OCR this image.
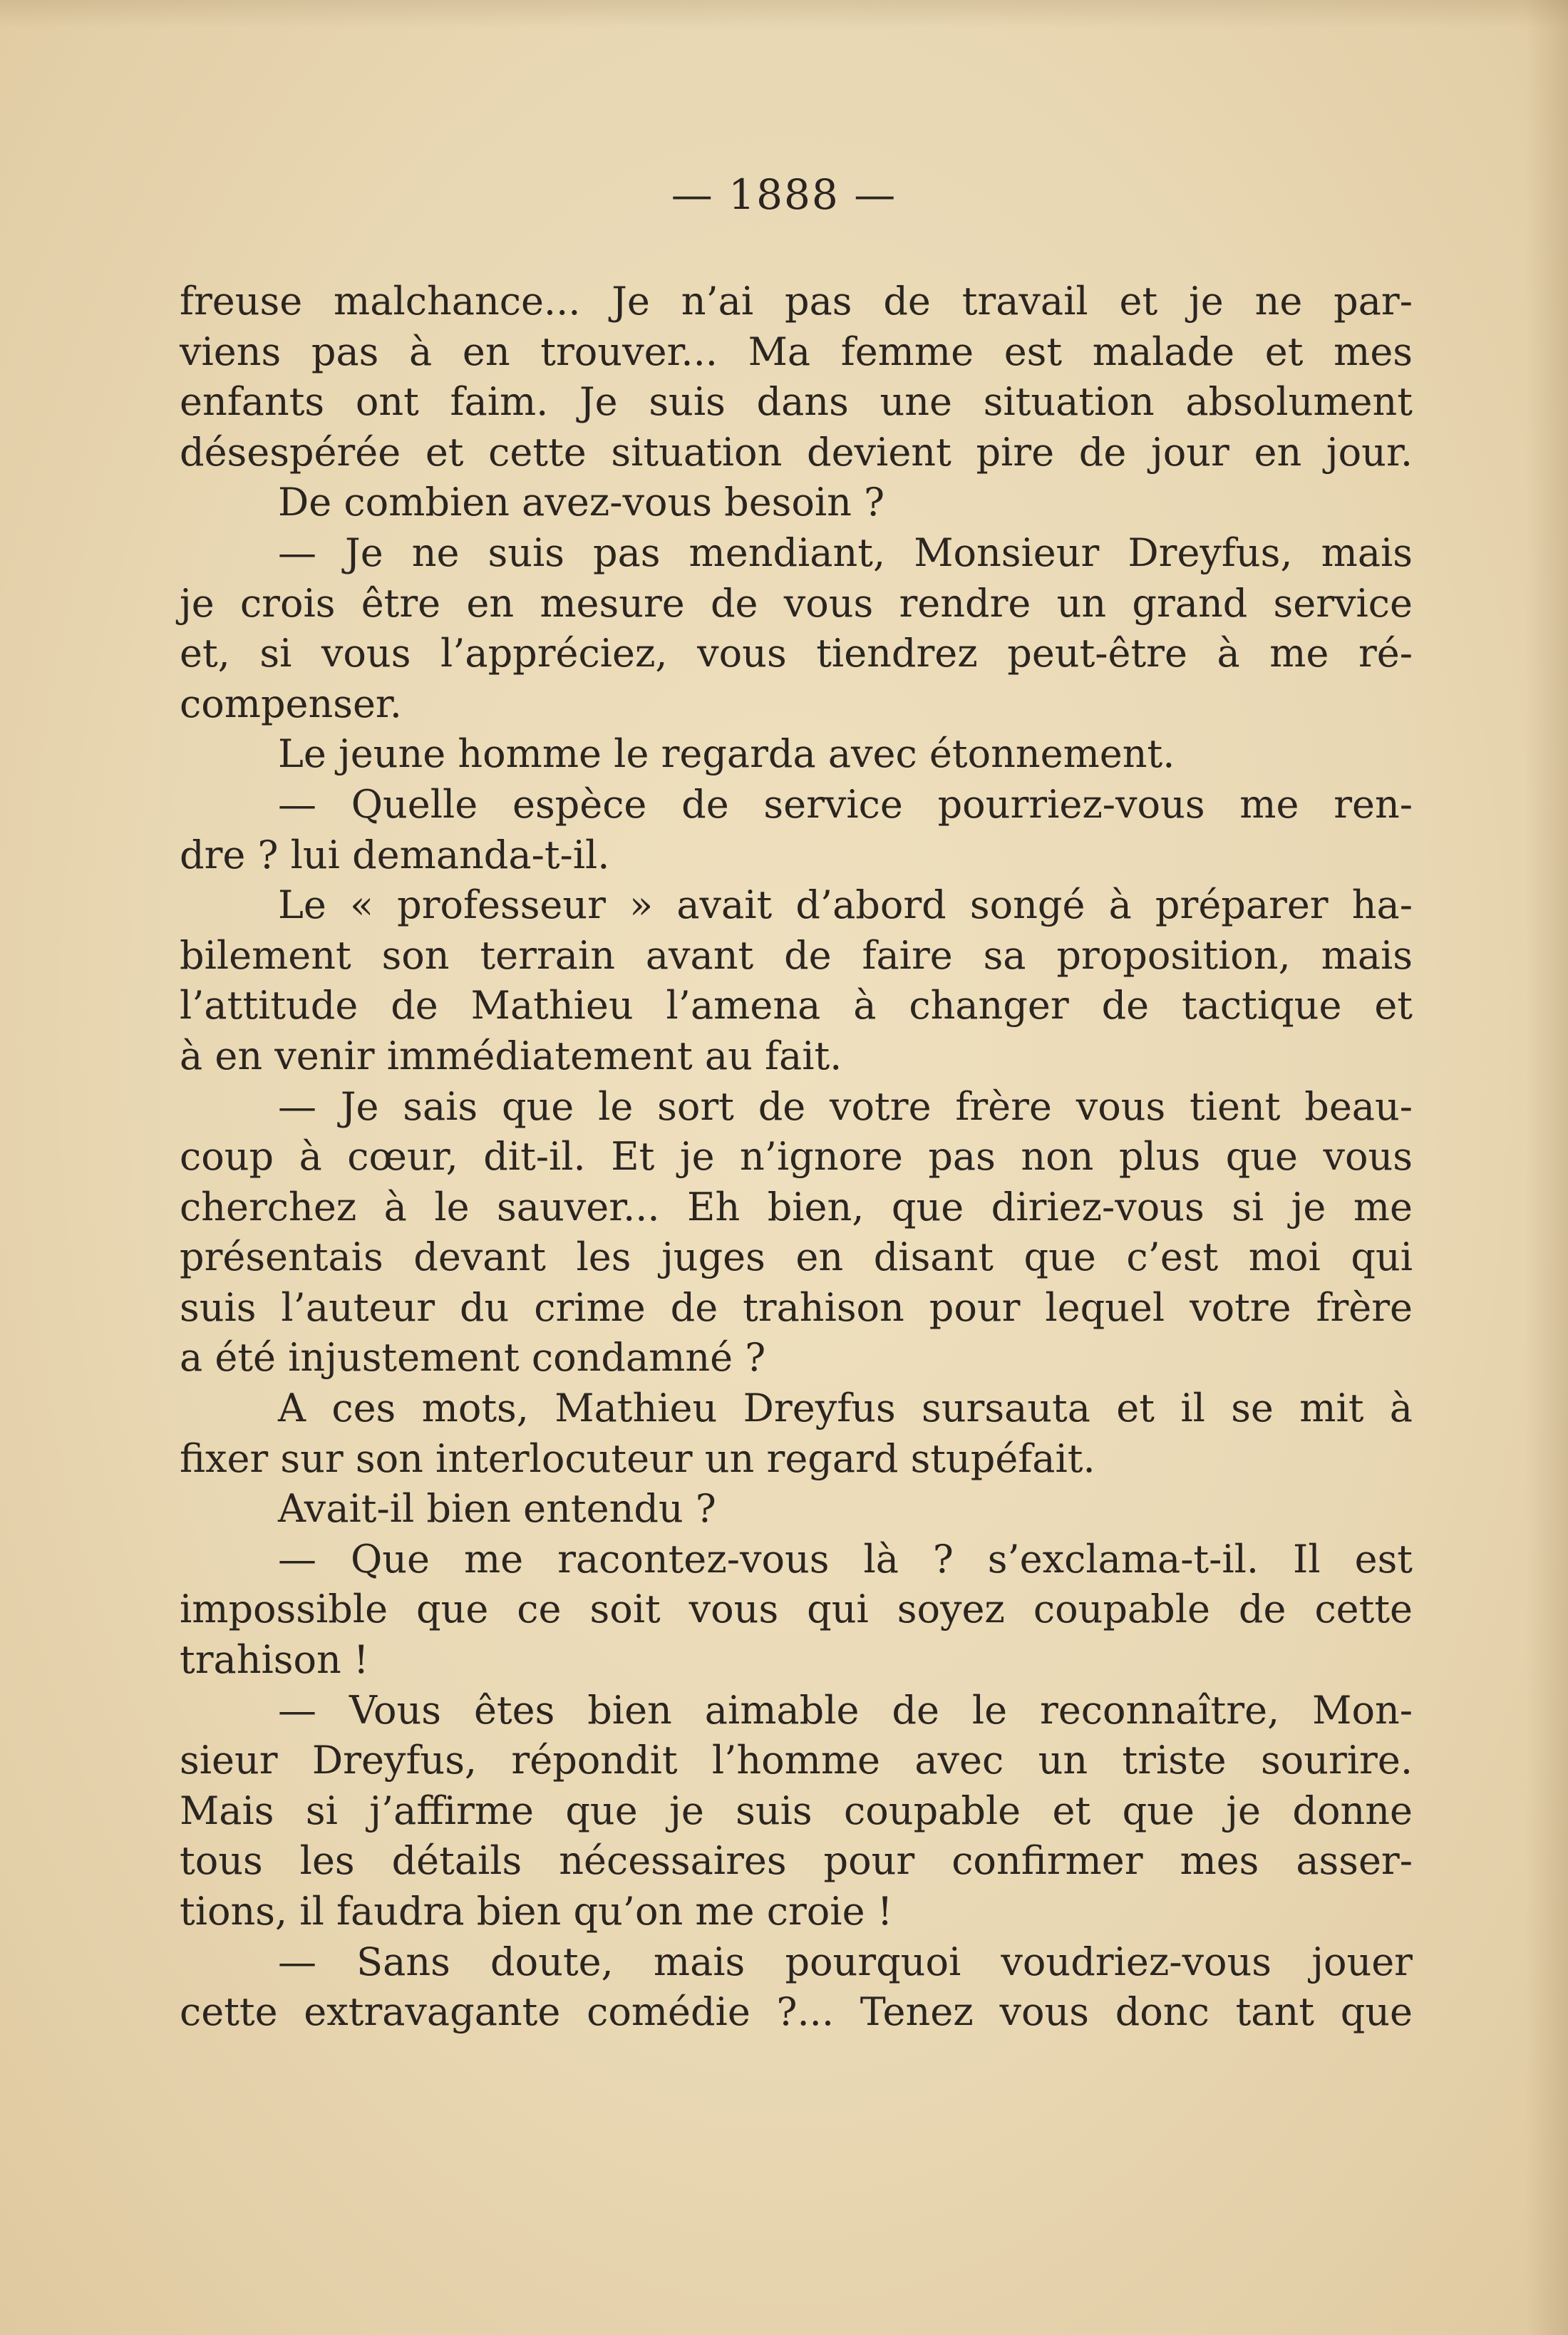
— 1888 —
freuse malchance... Je n’ai pas de travail et je ne par-
viens pas à en trouver... Ma femme est malade et mes
enfants ont faim. Je suis dans une situation absolument
désespérée et cette situation devient pire de jour en jour.
De combien avez-vous besoin ?
— Je ne suis pas mendiant, Monsieur Dreyfus, mais
je crois être en mesure de vous rendre un grand service
et, si vous l’appréciez, vous tiendrez peut-être à me ré-
compenser.
Le jeune homme le regarda avec étonnement.
— Quelle espèce de service pourriez-vous me ren-
dre ? lui demanda-t-il.
Le « professeur » avait d’abord songé à préparer ha-
bilement son terrain avant de faire sa proposition, mais
l’attitude de Mathieu l’amena à changer de tactique et
à en venir immédiatement au fait.
— Je sais que le sort de votre frère vous tient beau-
coup à cœur, dit-il. Et je n’ignore pas non plus que vous
cherchez à le sauver... Eh bien, que diriez-vous si je me
présentais devant les juges en disant que c’est moi qui
suis l’auteur du crime de trahison pour lequel votre frère
a été injustement condamné ?
A ces mots, Mathieu Dreyfus sursauta et il se mit à
fixer sur son interlocuteur un regard stupéfait.
Avait-il bien entendu ?
— Que me racontez-vous là ? s’exclama-t-il. Il est
impossible que ce soit vous qui soyez coupable de cette
trahison !
— Vous êtes bien aimable de le reconnaître, Mon-
sieur Dreyfus, répondit l’homme avec un triste sourire.
Mais si j’affirme que je suis coupable et que je donne
tous les détails nécessaires pour confirmer mes asser-
tions, il faudra bien qu’on me croie !
— Sans doute, mais pourquoi voudriez-vous jouer
cette extravagante comédie ?... Tenez vous donc tant que
